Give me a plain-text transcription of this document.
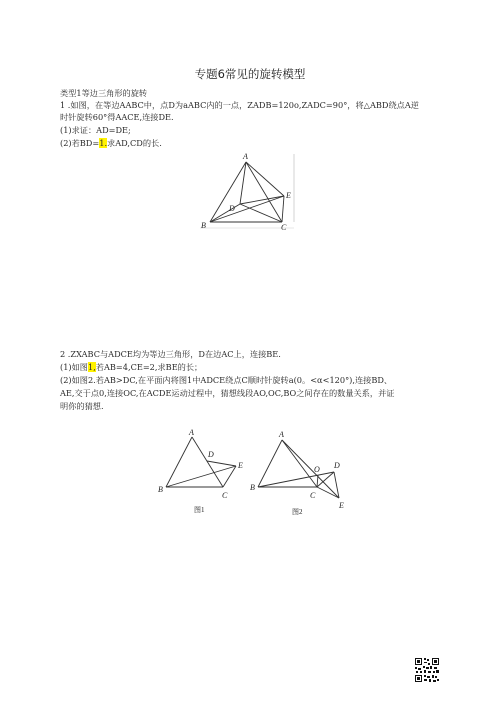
专题6常见的旋转模型
类型1等边三角形的旋转
1 .如图，在等边AABC中，点D为aABC内的一点，ZADB=120o,ZADC=90°，将△ABD绕点A逆
时针旋转60°得AACE,连接DE.
(1)求证：AD=DE;
(2)若BD=1.求AD,CD的长.
A
B	C
D
E
2 .ZXABC与ADCE均为等边三角形，D在边AC上，连接BE.
(1)如图1,若AB=4,CE=2,求BE的长；
(2)如图2.若AB>DC,在平面内将图1中ADCE绕点C顺时针旋转a(0。<α<120°),连接BD、
AE,交于点0,连接OC,在ACDE运动过程中，猜想线段AO,OC,BO之间存在的数量关系，并证
明你的猜想.
A
B
C
D
E
图1
A
B
C
D
E
O
图2
